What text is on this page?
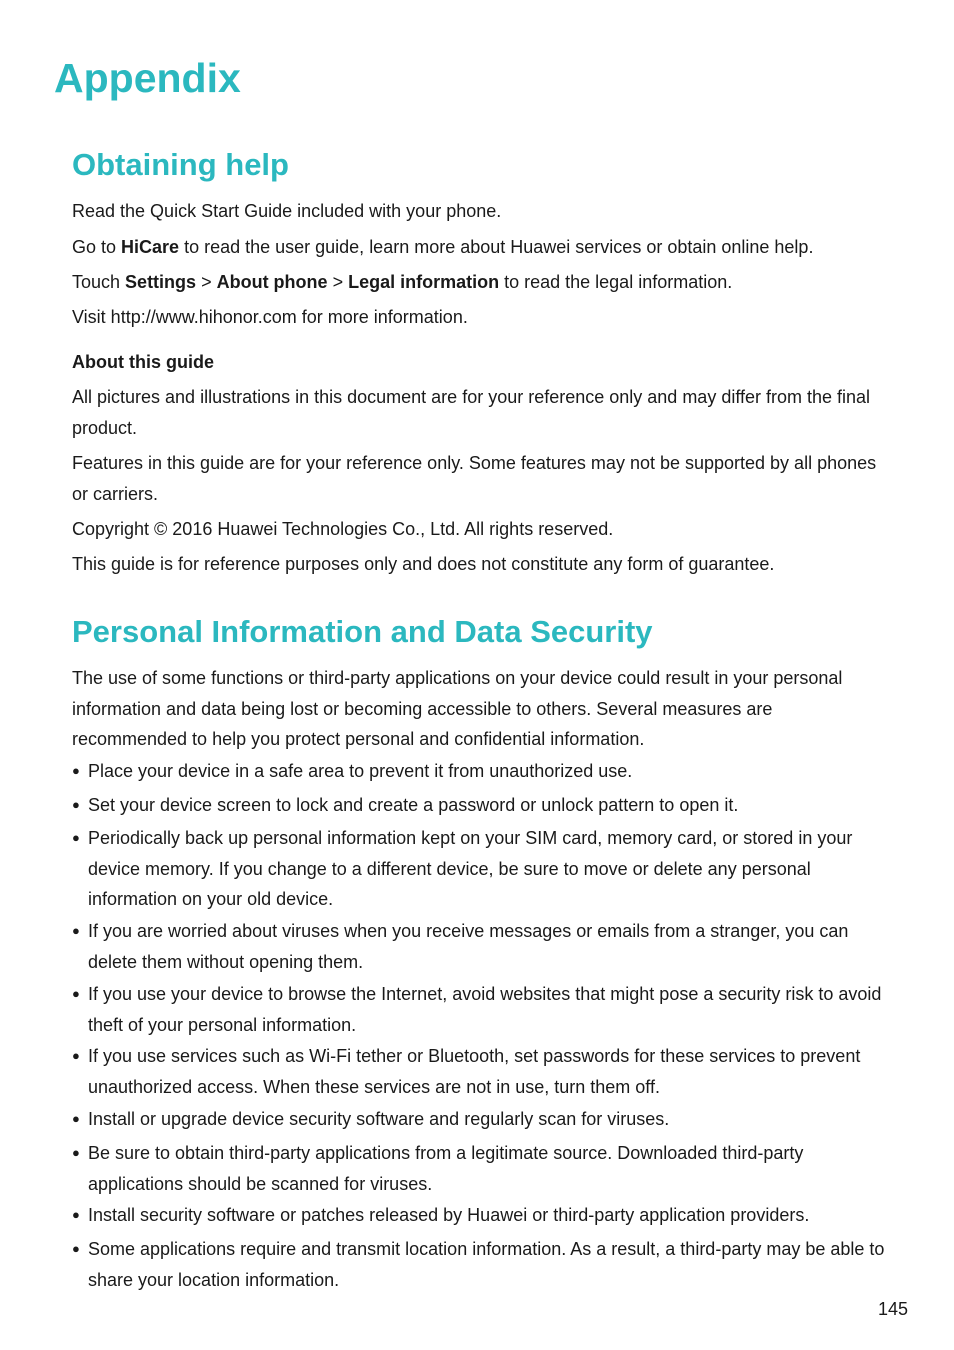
Appendix
Obtaining help

Read the Quick Start Guide included with your phone.

Go to HiCare to read the user guide, learn more about Huawei services or obtain online help.

Touch Settings > About phone > Legal information to read the legal information.

Visit http://www.hihonor.com for more information.

About this guide

All pictures and illustrations in this document are for your reference only and may differ from the final product.

Features in this guide are for your reference only. Some features may not be supported by all phones or carriers.

Copyright © 2016 Huawei Technologies Co., Ltd. All rights reserved.

This guide is for reference purposes only and does not constitute any form of guarantee.

Personal Information and Data Security

The use of some functions or third-party applications on your device could result in your personal information and data being lost or becoming accessible to others. Several measures are recommended to help you protect personal and confidential information.

● Place your device in a safe area to prevent it from unauthorized use.
● Set your device screen to lock and create a password or unlock pattern to open it.
● Periodically back up personal information kept on your SIM card, memory card, or stored in your device memory. If you change to a different device, be sure to move or delete any personal information on your old device.
● If you are worried about viruses when you receive messages or emails from a stranger, you can delete them without opening them.
● If you use your device to browse the Internet, avoid websites that might pose a security risk to avoid theft of your personal information.
● If you use services such as Wi-Fi tether or Bluetooth, set passwords for these services to prevent unauthorized access. When these services are not in use, turn them off.
● Install or upgrade device security software and regularly scan for viruses.
● Be sure to obtain third-party applications from a legitimate source. Downloaded third-party applications should be scanned for viruses.
● Install security software or patches released by Huawei or third-party application providers.
● Some applications require and transmit location information. As a result, a third-party may be able to share your location information.
145
